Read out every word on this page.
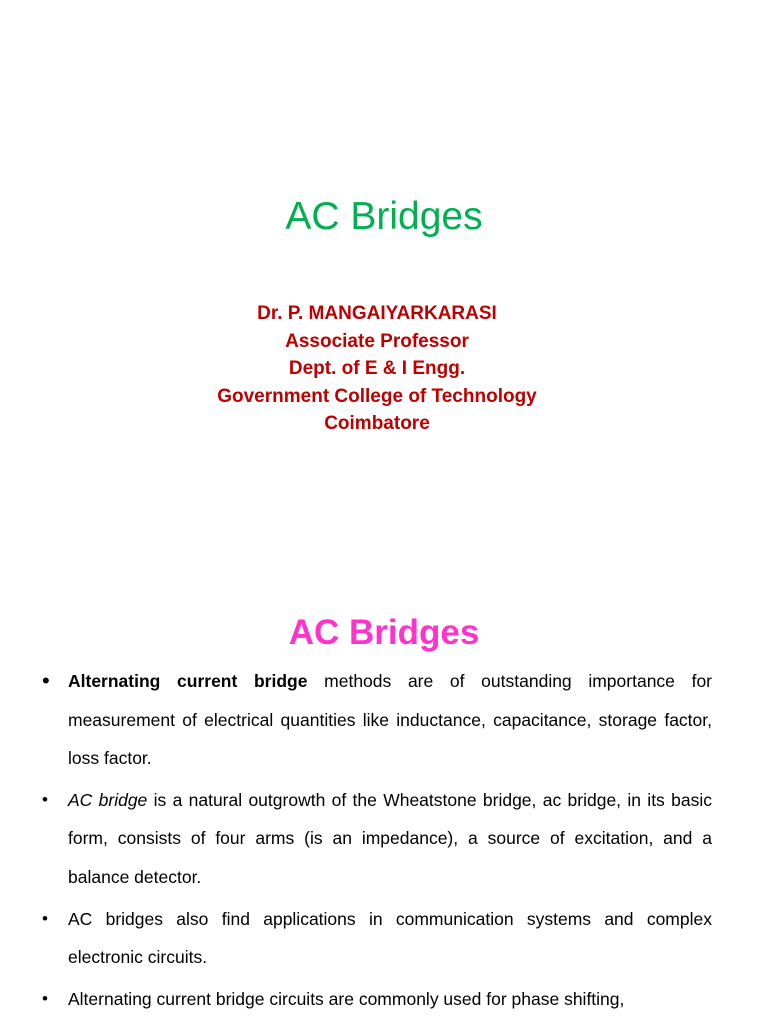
AC Bridges
Dr. P. MANGAIYARKARASI
Associate Professor
Dept. of E & I Engg.
Government College of Technology
Coimbatore
AC Bridges
• Alternating current bridge methods are of outstanding importance for measurement of electrical quantities like inductance, capacitance, storage factor, loss factor.
• AC bridge is a natural outgrowth of the Wheatstone bridge, ac bridge, in its basic form, consists of four arms (is an impedance), a source of excitation, and a balance detector.
• AC bridges also find applications in communication systems and complex electronic circuits.
• Alternating current bridge circuits are commonly used for phase shifting,
